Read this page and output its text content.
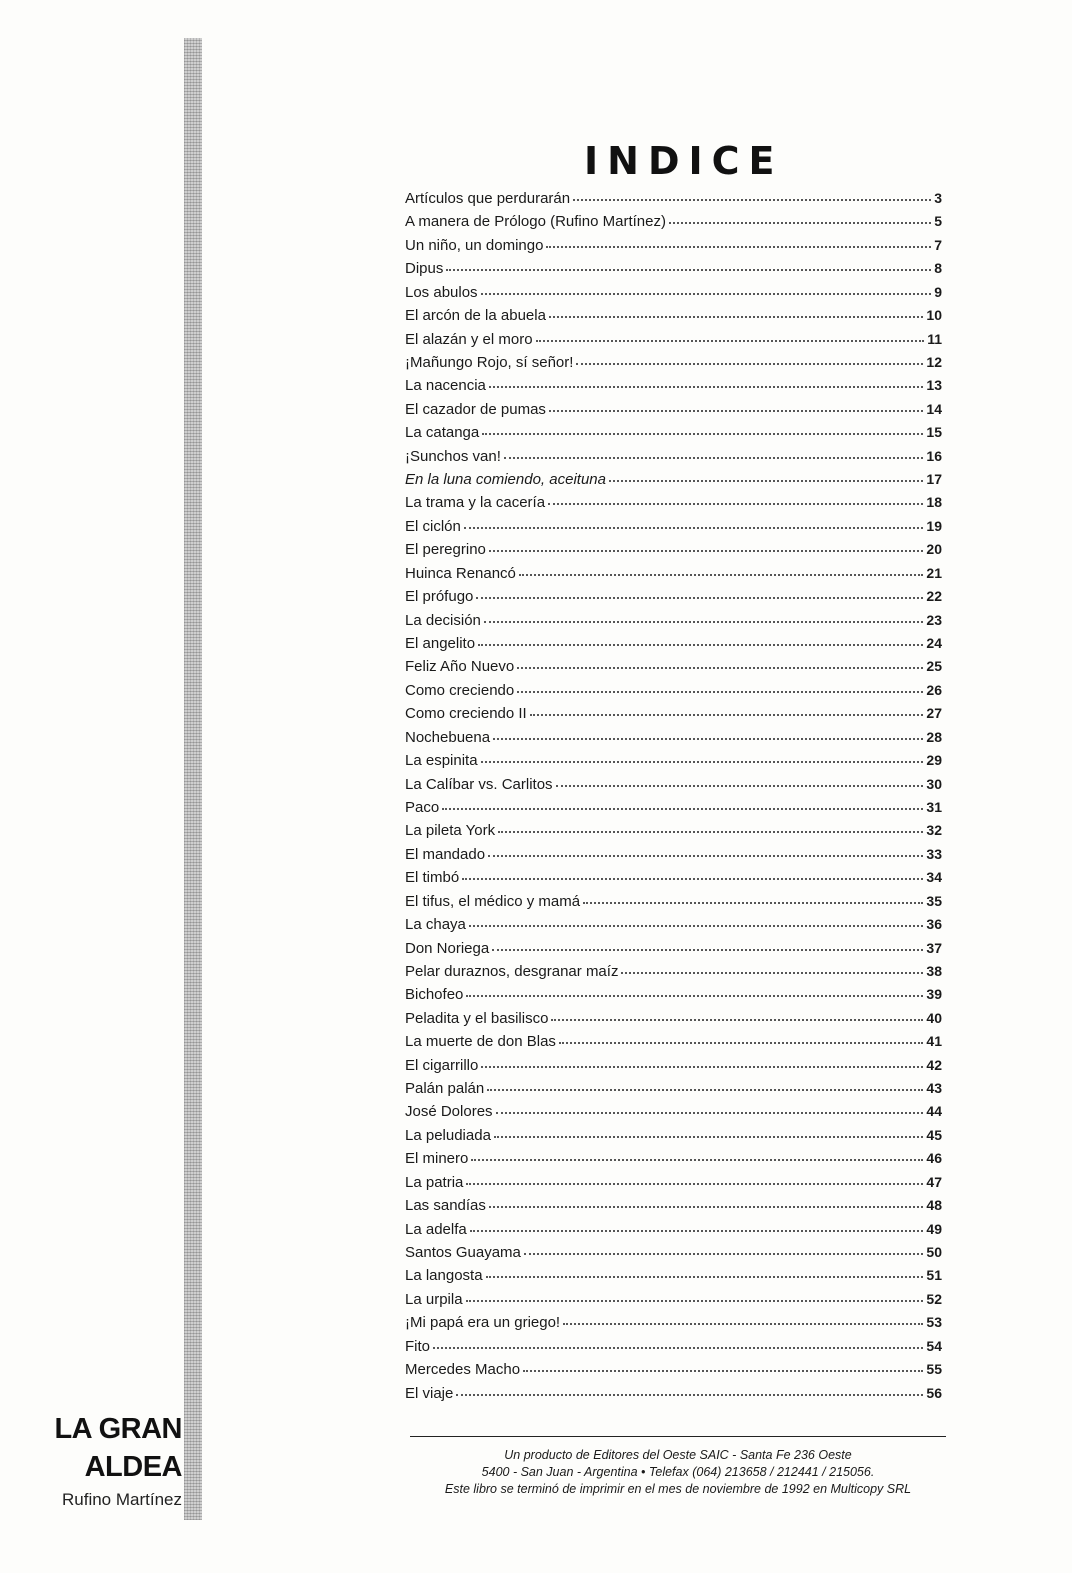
LA GRAN
ALDEA
Rufino Martínez
INDICE
Artículos que perdurarán	3
A manera de Prólogo (Rufino Martínez)	5
Un niño, un domingo	7
Dipus	8
Los abulos	9
El arcón de la abuela	10
El alazán y el moro	11
¡Mañungo Rojo, sí señor!	12
La nacencia	13
El cazador de pumas	14
La catanga	15
¡Sunchos van!	16
En la luna comiendo, aceituna	17
La trama y la cacería	18
El ciclón	19
El peregrino	20
Huinca Renancó	21
El prófugo	22
La decisión	23
El angelito	24
Feliz Año Nuevo	25
Como creciendo	26
Como creciendo II	27
Nochebuena	28
La espinita	29
La Calíbar vs. Carlitos	30
Paco	31
La pileta York	32
El mandado	33
El timbó	34
El tifus, el médico y mamá	35
La chaya	36
Don Noriega	37
Pelar duraznos, desgranar maíz	38
Bichofeo	39
Peladita y el basilisco	40
La muerte de don Blas	41
El cigarrillo	42
Palán palán	43
José Dolores	44
La peludiada	45
El minero	46
La patria	47
Las sandías	48
La adelfa	49
Santos Guayama	50
La langosta	51
La urpila	52
¡Mi papá era un griego!	53
Fito	54
Mercedes Macho	55
El viaje	56
Un producto de Editores del Oeste SAIC - Santa Fe 236 Oeste
5400 - San Juan - Argentina • Telefax (064) 213658 / 212441 / 215056.
Este libro se terminó de imprimir en el mes de noviembre de 1992 en Multicopy SRL
